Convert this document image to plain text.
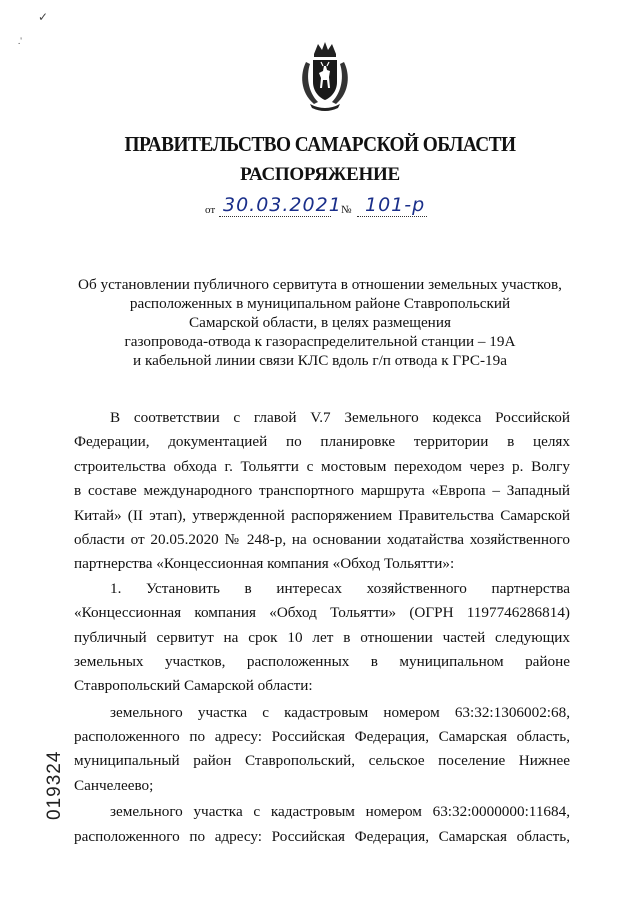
✓
.'
ПРАВИТЕЛЬСТВО САМАРСКОЙ ОБЛАСТИ
РАСПОРЯЖЕНИЕ
от 30.03.2021 № 101-р
Об установлении публичного сервитута в отношении земельных участков,
расположенных в муниципальном районе Ставропольский
Самарской области, в целях размещения
газопровода-отвода к газораспределительной станции – 19А
и кабельной линии связи КЛС вдоль г/п отвода к ГРС-19а
В соответствии с главой V.7 Земельного кодекса Российской
Федерации, документацией по планировке территории в целях
строительства обхода г. Тольятти с мостовым переходом через р. Волгу
в составе международного транспортного маршрута «Европа – Западный
Китай» (II этап), утвержденной распоряжением Правительства Самарской
области от 20.05.2020 № 248-р, на основании ходатайства хозяйственного
партнерства «Концессионная компания «Обход Тольятти»:
1. Установить в интересах хозяйственного партнерства
«Концессионная компания «Обход Тольятти» (ОГРН 1197746286814)
публичный сервитут на срок 10 лет в отношении частей следующих
земельных участков, расположенных в муниципальном районе
Ставропольский Самарской области:
земельного участка с кадастровым номером 63:32:1306002:68,
расположенного по адресу: Российская Федерация, Самарская область,
муниципальный район Ставропольский, сельское поселение Нижнее
Санчелеево;
земельного участка с кадастровым номером 63:32:0000000:11684,
расположенного по адресу: Российская Федерация, Самарская область,
019324
